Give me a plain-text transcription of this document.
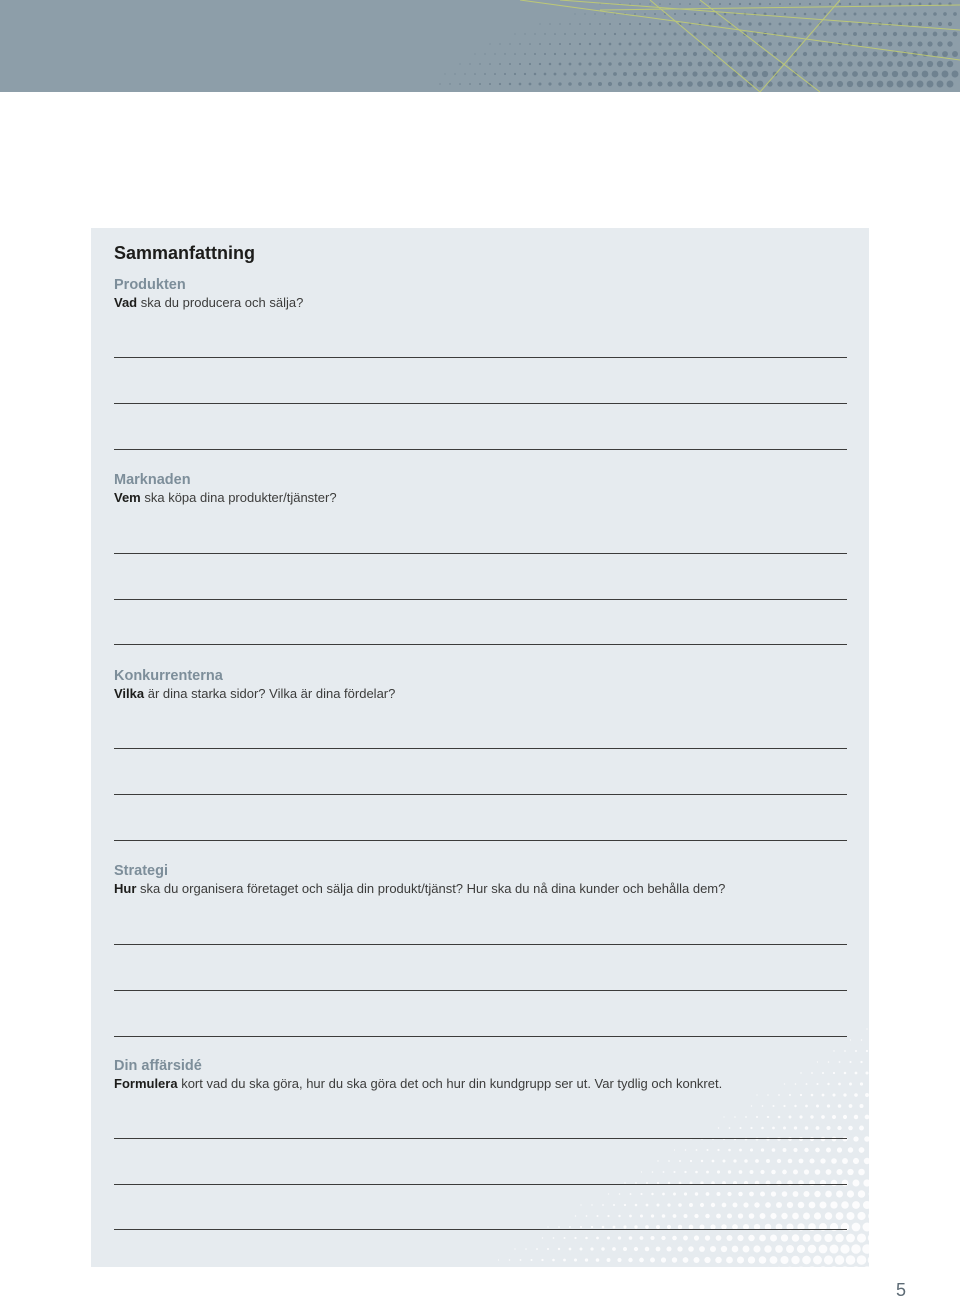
Sammanfattning

Produkten

Vad ska du producera och sälja?

Marknaden

Vem ska köpa dina produkter/tjänster?

Konkurrenterna

Vilka är dina starka sidor? Vilka är dina fördelar?

Strategi

Hur ska du organisera företaget och sälja din produkt/tjänst? Hur ska du nå dina kunder och behålla dem?

Din affärsidé

Formulera kort vad du ska göra, hur du ska göra det och hur din kundgrupp ser ut. Var tydlig och konkret.

5
